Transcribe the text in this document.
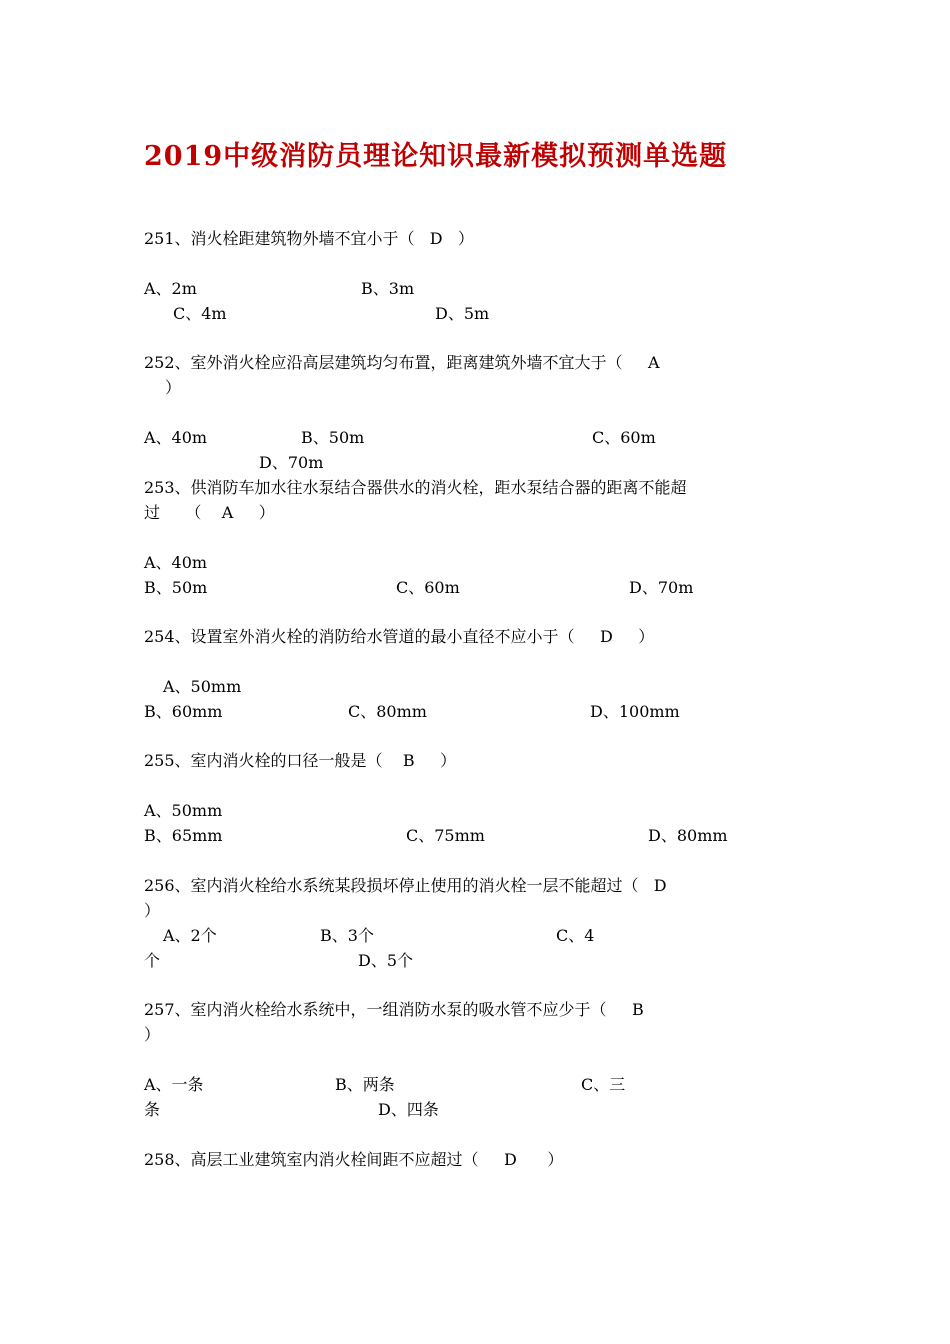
2019中级消防员理论知识最新模拟预测单选题
251、消火栓距建筑物外墙不宜小于（   D   ）
A、2m	B、3m
C、4m	D、5m
252、室外消火栓应沿高层建筑均匀布置，距离建筑外墙不宜大于（     A
）
A、40m	B、50m	C、60m
D、70m
253、供消防车加水往水泵结合器供水的消火栓，距水泵结合器的距离不能超
过     （    A     ）
A、40m
B、50m	C、60m	D、70m
254、设置室外消火栓的消防给水管道的最小直径不应小于（     D     ）
A、50mm
B、60mm	C、80mm	D、100mm
255、室内消火栓的口径一般是（    B     ）
A、50mm
B、65mm	C、75mm	D、80mm
256、室内消火栓给水系统某段损坏停止使用的消火栓一层不能超过（   D
）
A、2个	B、3个	C、4
个	D、5个
257、室内消火栓给水系统中，一组消防水泵的吸水管不应少于（     B
）
A、一条	B、两条	C、三
条	D、四条
258、高层工业建筑室内消火栓间距不应超过（     D      ）
